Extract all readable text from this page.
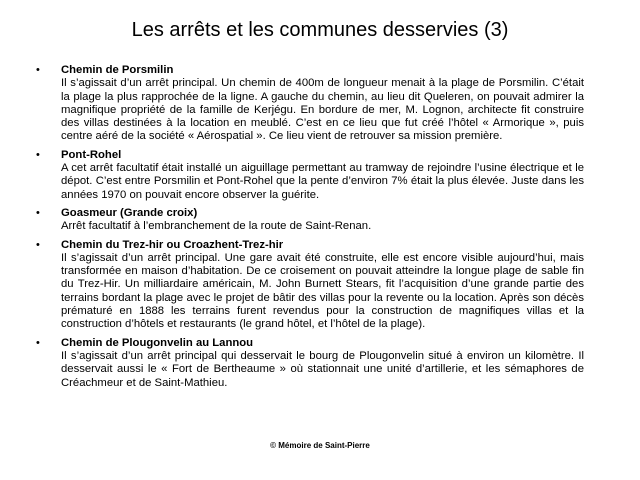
Les arrêts et les communes desservies (3)
• Chemin de Porsmilin
Il s’agissait d’un arrêt principal. Un chemin de 400m de longueur menait à la plage de Porsmilin. C’était la plage la plus rapprochée de la ligne. A gauche du chemin, au lieu dit Queleren, on pouvait admirer la magnifique propriété de la famille de Kerjégu. En bordure de mer, M. Lognon, architecte fit construire des villas destinées à la location en meublé. C’est en ce lieu que fut créé l’hôtel « Armorique », puis centre aéré de la société « Aérospatial ». Ce lieu vient de retrouver sa mission première.
• Pont-Rohel
A cet arrêt facultatif était installé un aiguillage permettant au tramway de rejoindre l’usine électrique et le dépot. C’est entre Porsmilin et Pont-Rohel que la pente d’environ 7% était la plus élevée. Juste dans les années 1970 on pouvait encore observer la guérite.
• Goasmeur (Grande croix)
Arrêt facultatif à l’embranchement de la route de Saint-Renan.
• Chemin du Trez-hir ou Croazhent-Trez-hir
Il s’agissait d’un arrêt principal. Une gare avait été construite, elle est encore visible aujourd’hui, mais transformée en maison d’habitation. De ce croisement on pouvait atteindre la longue plage de sable fin du Trez-Hir. Un milliardaire américain, M. John Burnett Stears, fit l’acquisition d’une grande partie des terrains bordant la plage avec le projet de bâtir des villas pour la revente ou la location. Après son décès prématuré en 1888 les terrains furent revendus pour la construction de magnifiques villas et la construction d’hôtels et restaurants (le grand hôtel, et l’hôtel de la plage).
• Chemin de Plougonvelin au Lannou
Il s’agissait d’un arrêt principal qui desservait le bourg de Plougonvelin situé à environ un kilomètre. Il desservait aussi le « Fort de Bertheaume » où stationnait une unité d’artillerie, et les sémaphores de Créachmeur et de Saint-Mathieu.
© Mémoire de Saint-Pierre
